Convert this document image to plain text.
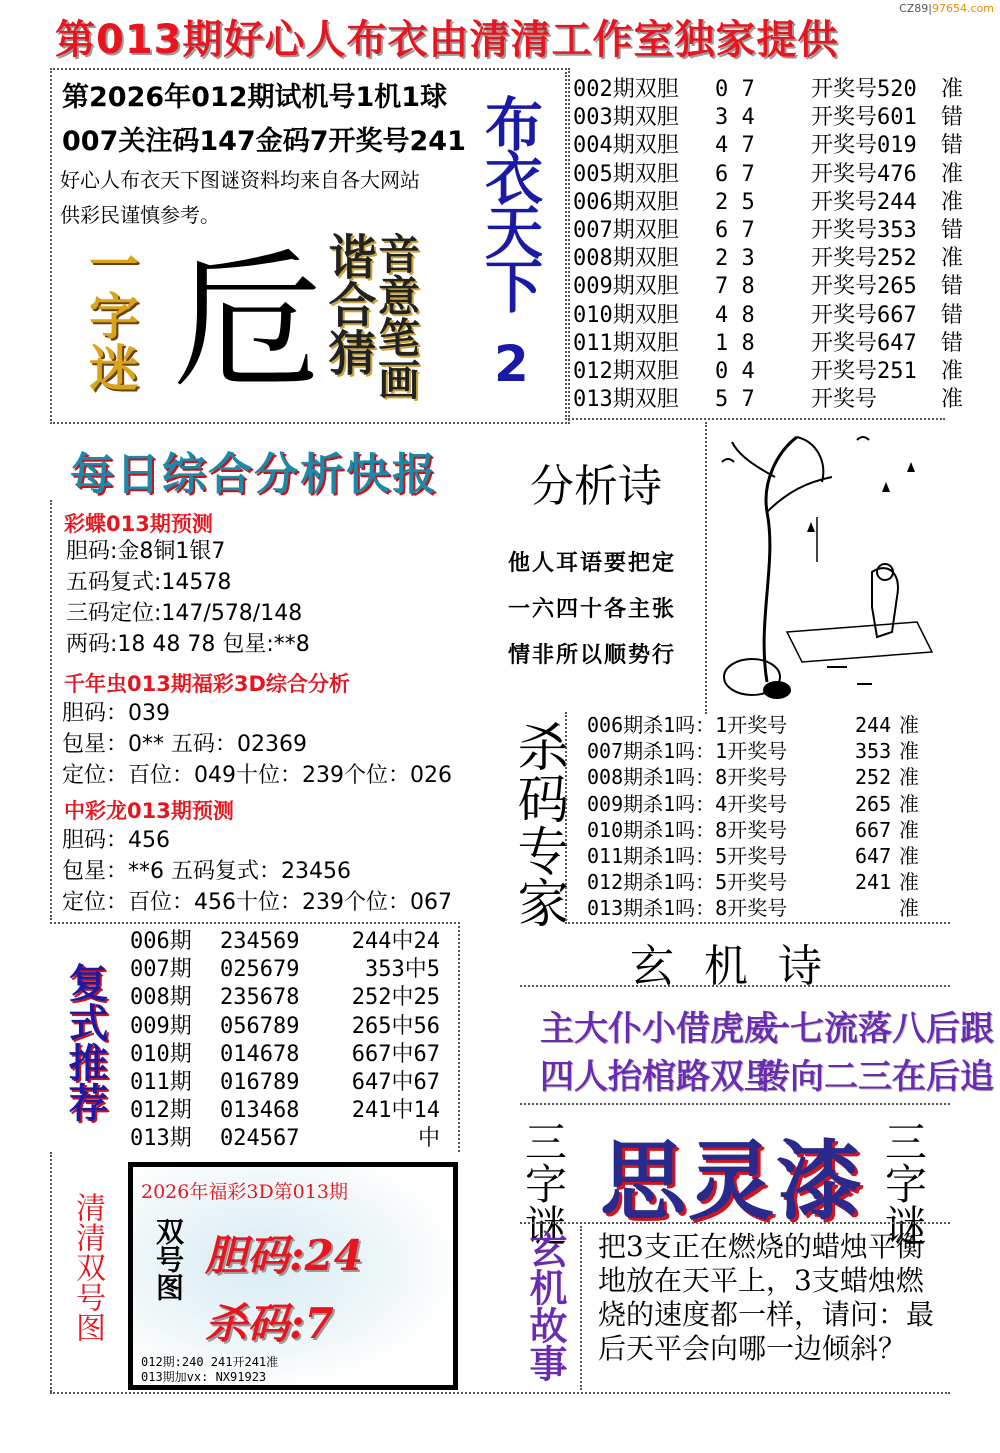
第013期好心人布衣由清清工作室独家提供
CZ89|97654.com
第2026年012期试机号1机1球
007关注码147金码7开奖号241
好心人布衣天下图谜资料均来自各大网站
供彩民谨慎参考。
一字迷 卮
谐合猜
音意笔画
布衣天下
2
002期双胆 0 7	开奖号520 准
003期双胆 3 4	开奖号601 错
004期双胆 4 7	开奖号019 错
005期双胆 6 7	开奖号476 准
006期双胆 2 5	开奖号244 准
007期双胆 6 7	开奖号353 错
008期双胆 2 3	开奖号252 准
009期双胆 7 8	开奖号265 错
010期双胆 4 8	开奖号667 错
011期双胆 1 8	开奖号647 错
012期双胆 0 4	开奖号251 准
013期双胆 5 7	开奖号	准
每日综合分析快报
彩蝶013期预测
胆码:金8铜1银7
五码复式:14578
三码定位:147/578/148
两码:18 48 78 包星:**8
千年虫013期福彩3D综合分析
胆码：039
包星：0** 五码：02369
定位：百位：049十位：239个位：026
中彩龙013期预测
胆码：456
包星：**6 五码复式：23456
定位：百位：456十位：239个位：067
分析诗
他人耳语要把定
一六四十各主张
情非所以顺势行
杀码专家 006期杀1吗：1开奖号	244 准
007期杀1吗：1开奖号	353 准
008期杀1吗：8开奖号	252 准
009期杀1吗：4开奖号	265 准
010期杀1吗：8开奖号	667 准
011期杀1吗：5开奖号	647 准
012期杀1吗：5开奖号	241 准
013期杀1吗：8开奖号	准
复式推荐
006期 234569 244中24
007期 025679	353中5
008期 235678 252中25
009期 056789 265中56
010期 014678 667中67
011期 016789 647中67
012期 013468 241中14
013期 024567	中
玄 机 诗
主大仆小借虎威
一七流落八后跟
四人抬棺路双里
转向二三在后追
三字谜 思灵漆 三字谜
清清双号图 2026年福彩3D第013期
双号图 胆码:24
杀码:7
012期:240 241开241准
013期加vx: NX91923	玄机故事 把3支正在燃烧的蜡烛平衡地放在天平上，3支蜡烛燃烧的速度都一样，请问：最后天平会向哪一边倾斜？
